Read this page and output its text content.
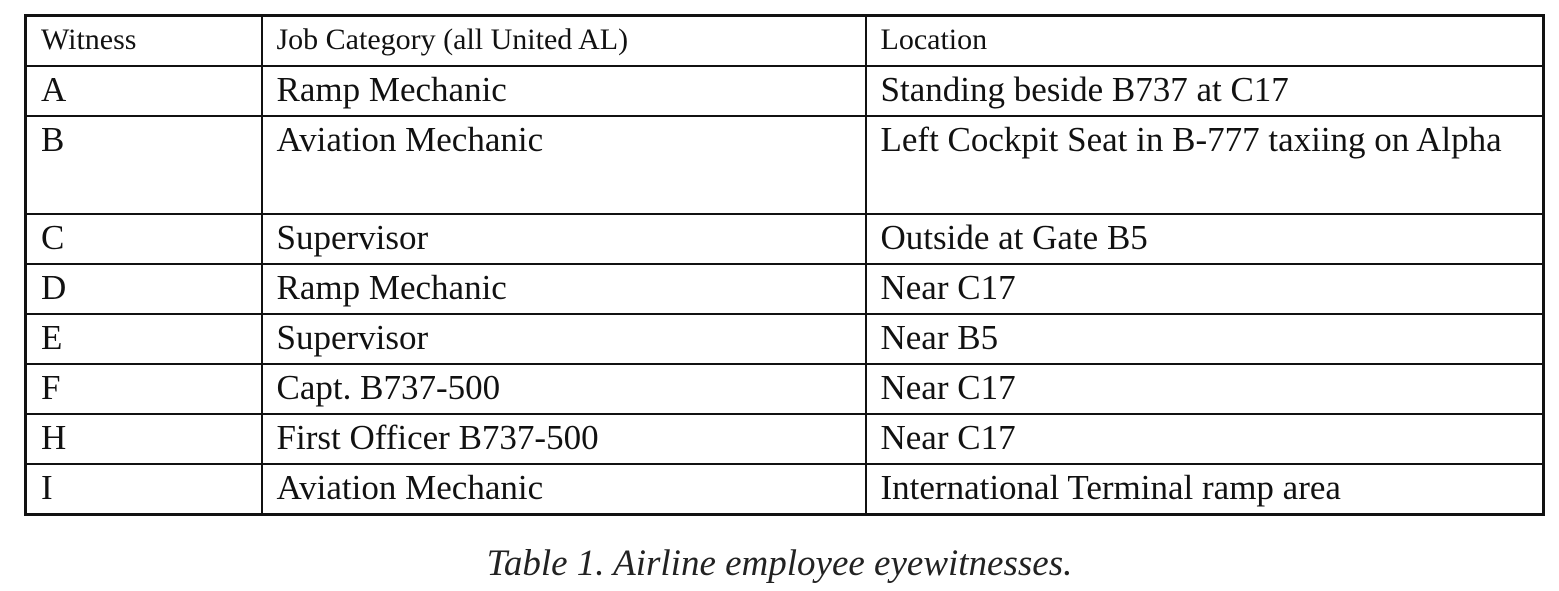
Witness	Job Category (all United AL)	Location
A	Ramp Mechanic	Standing beside B737 at C17
B	Aviation Mechanic	Left Cockpit Seat in B-777 taxiing on Alpha
C	Supervisor	Outside at Gate B5
D	Ramp Mechanic	Near C17
E	Supervisor	Near B5
F	Capt. B737-500	Near C17
H	First Officer B737-500	Near C17
I	Aviation Mechanic	International Terminal ramp area
Table 1. Airline employee eyewitnesses.
